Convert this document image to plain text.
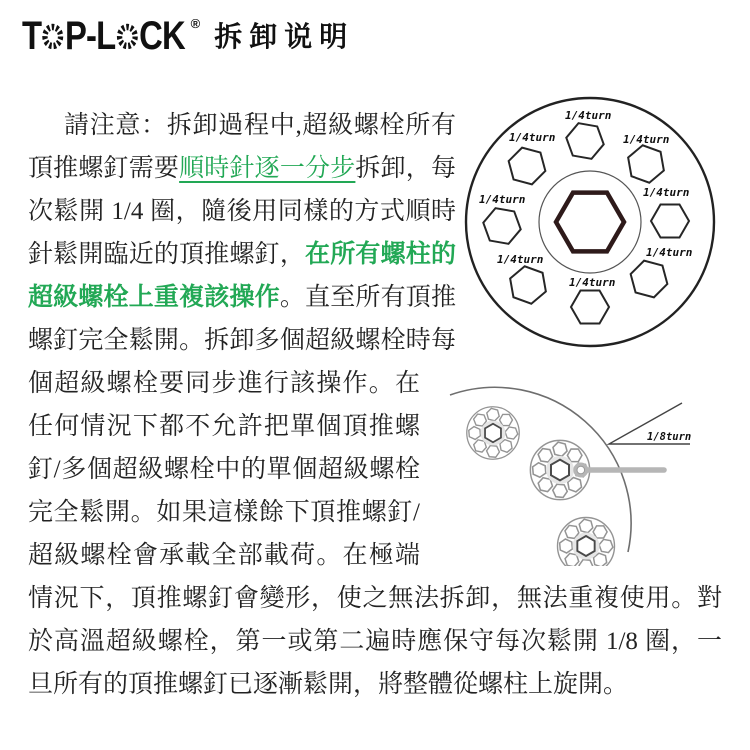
T P-L CK ® 拆卸说明

1/4turn
1/4turn
1/4turn
1/4turn
1/4turn
1/4turn
1/4turn
1/4turn
1/8turn
請注意：拆卸過程中,超級螺栓所有頂推螺釘需要順時針逐一分步拆卸，每次鬆開 1/4 圈，隨後用同樣的方式順時針鬆開臨近的頂推螺釘，在所有螺柱的超級螺栓上重複該操作。直至所有頂推螺釘完全鬆開。拆卸多個超級螺栓時每個超級螺栓要同步進行該操作。在任何情況下都不允許把單個頂推螺釘/多個超級螺栓中的單個超級螺栓完全鬆開。如果這樣餘下頂推螺釘/超級螺栓會承載全部載荷。在極端情況下，頂推螺釘會變形，使之無法拆卸，無法重複使用。對於高溫超級螺栓，第一或第二遍時應保守每次鬆開 1/8 圈，一旦所有的頂推螺釘已逐漸鬆開，將整體從螺柱上旋開。
